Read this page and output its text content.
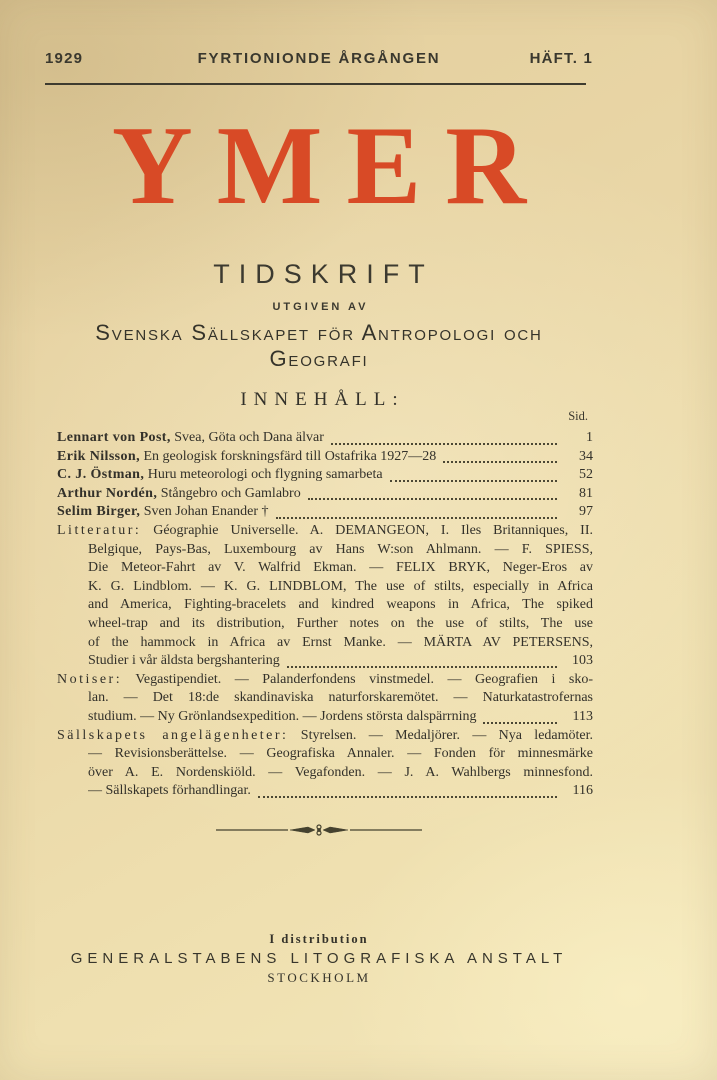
1929	FYRTIONIONDE ÅRGÅNGEN	HÄFT. 1
YMER
TIDSKRIFT
UTGIVEN AV
Svenska Sällskapet för Antropologi och Geografi
INNEHÅLL:
Sid.
Lennart von Post, Svea, Göta och Dana älvar	1
Erik Nilsson, En geologisk forskningsfärd till Ostafrika 1927—28	34
C. J. Östman, Huru meteorologi och flygning samarbeta	52
Arthur Nordén, Stångebro och Gamlabro	81
Selim Birger, Sven Johan Enander †	97
Litteratur: Géographie Universelle. A. DEMANGEON, I. Iles Britanniques, II.
Belgique, Pays-Bas, Luxembourg av Hans W:son Ahlmann. — F. SPIESS,
Die Meteor-Fahrt av V. Walfrid Ekman. — FELIX BRYK, Neger-Eros av
K. G. Lindblom. — K. G. LINDBLOM, The use of stilts, especially in Africa
and America, Fighting-bracelets and kindred weapons in Africa, The spiked
wheel-trap and its distribution, Further notes on the use of stilts, The use
of the hammock in Africa av Ernst Manke. — MÄRTA AV PETERSENS,
Studier i vår äldsta bergshantering	103
Notiser: Vegastipendiet. — Palanderfondens vinstmedel. — Geografien i sko-
lan. — Det 18:de skandinaviska naturforskaremötet. — Naturkatastrofernas
studium. — Ny Grönlandsexpedition. — Jordens största dalspärrning	113
Sällskapets angelägenheter: Styrelsen. — Medaljörer. — Nya ledamöter.
— Revisionsberättelse. — Geografiska Annaler. — Fonden för minnesmärke
över A. E. Nordenskiöld. — Vegafonden. — J. A. Wahlbergs minnesfond.
— Sällskapets förhandlingar.	116
I distribution
GENERALSTABENS LITOGRAFISKA ANSTALT
STOCKHOLM
